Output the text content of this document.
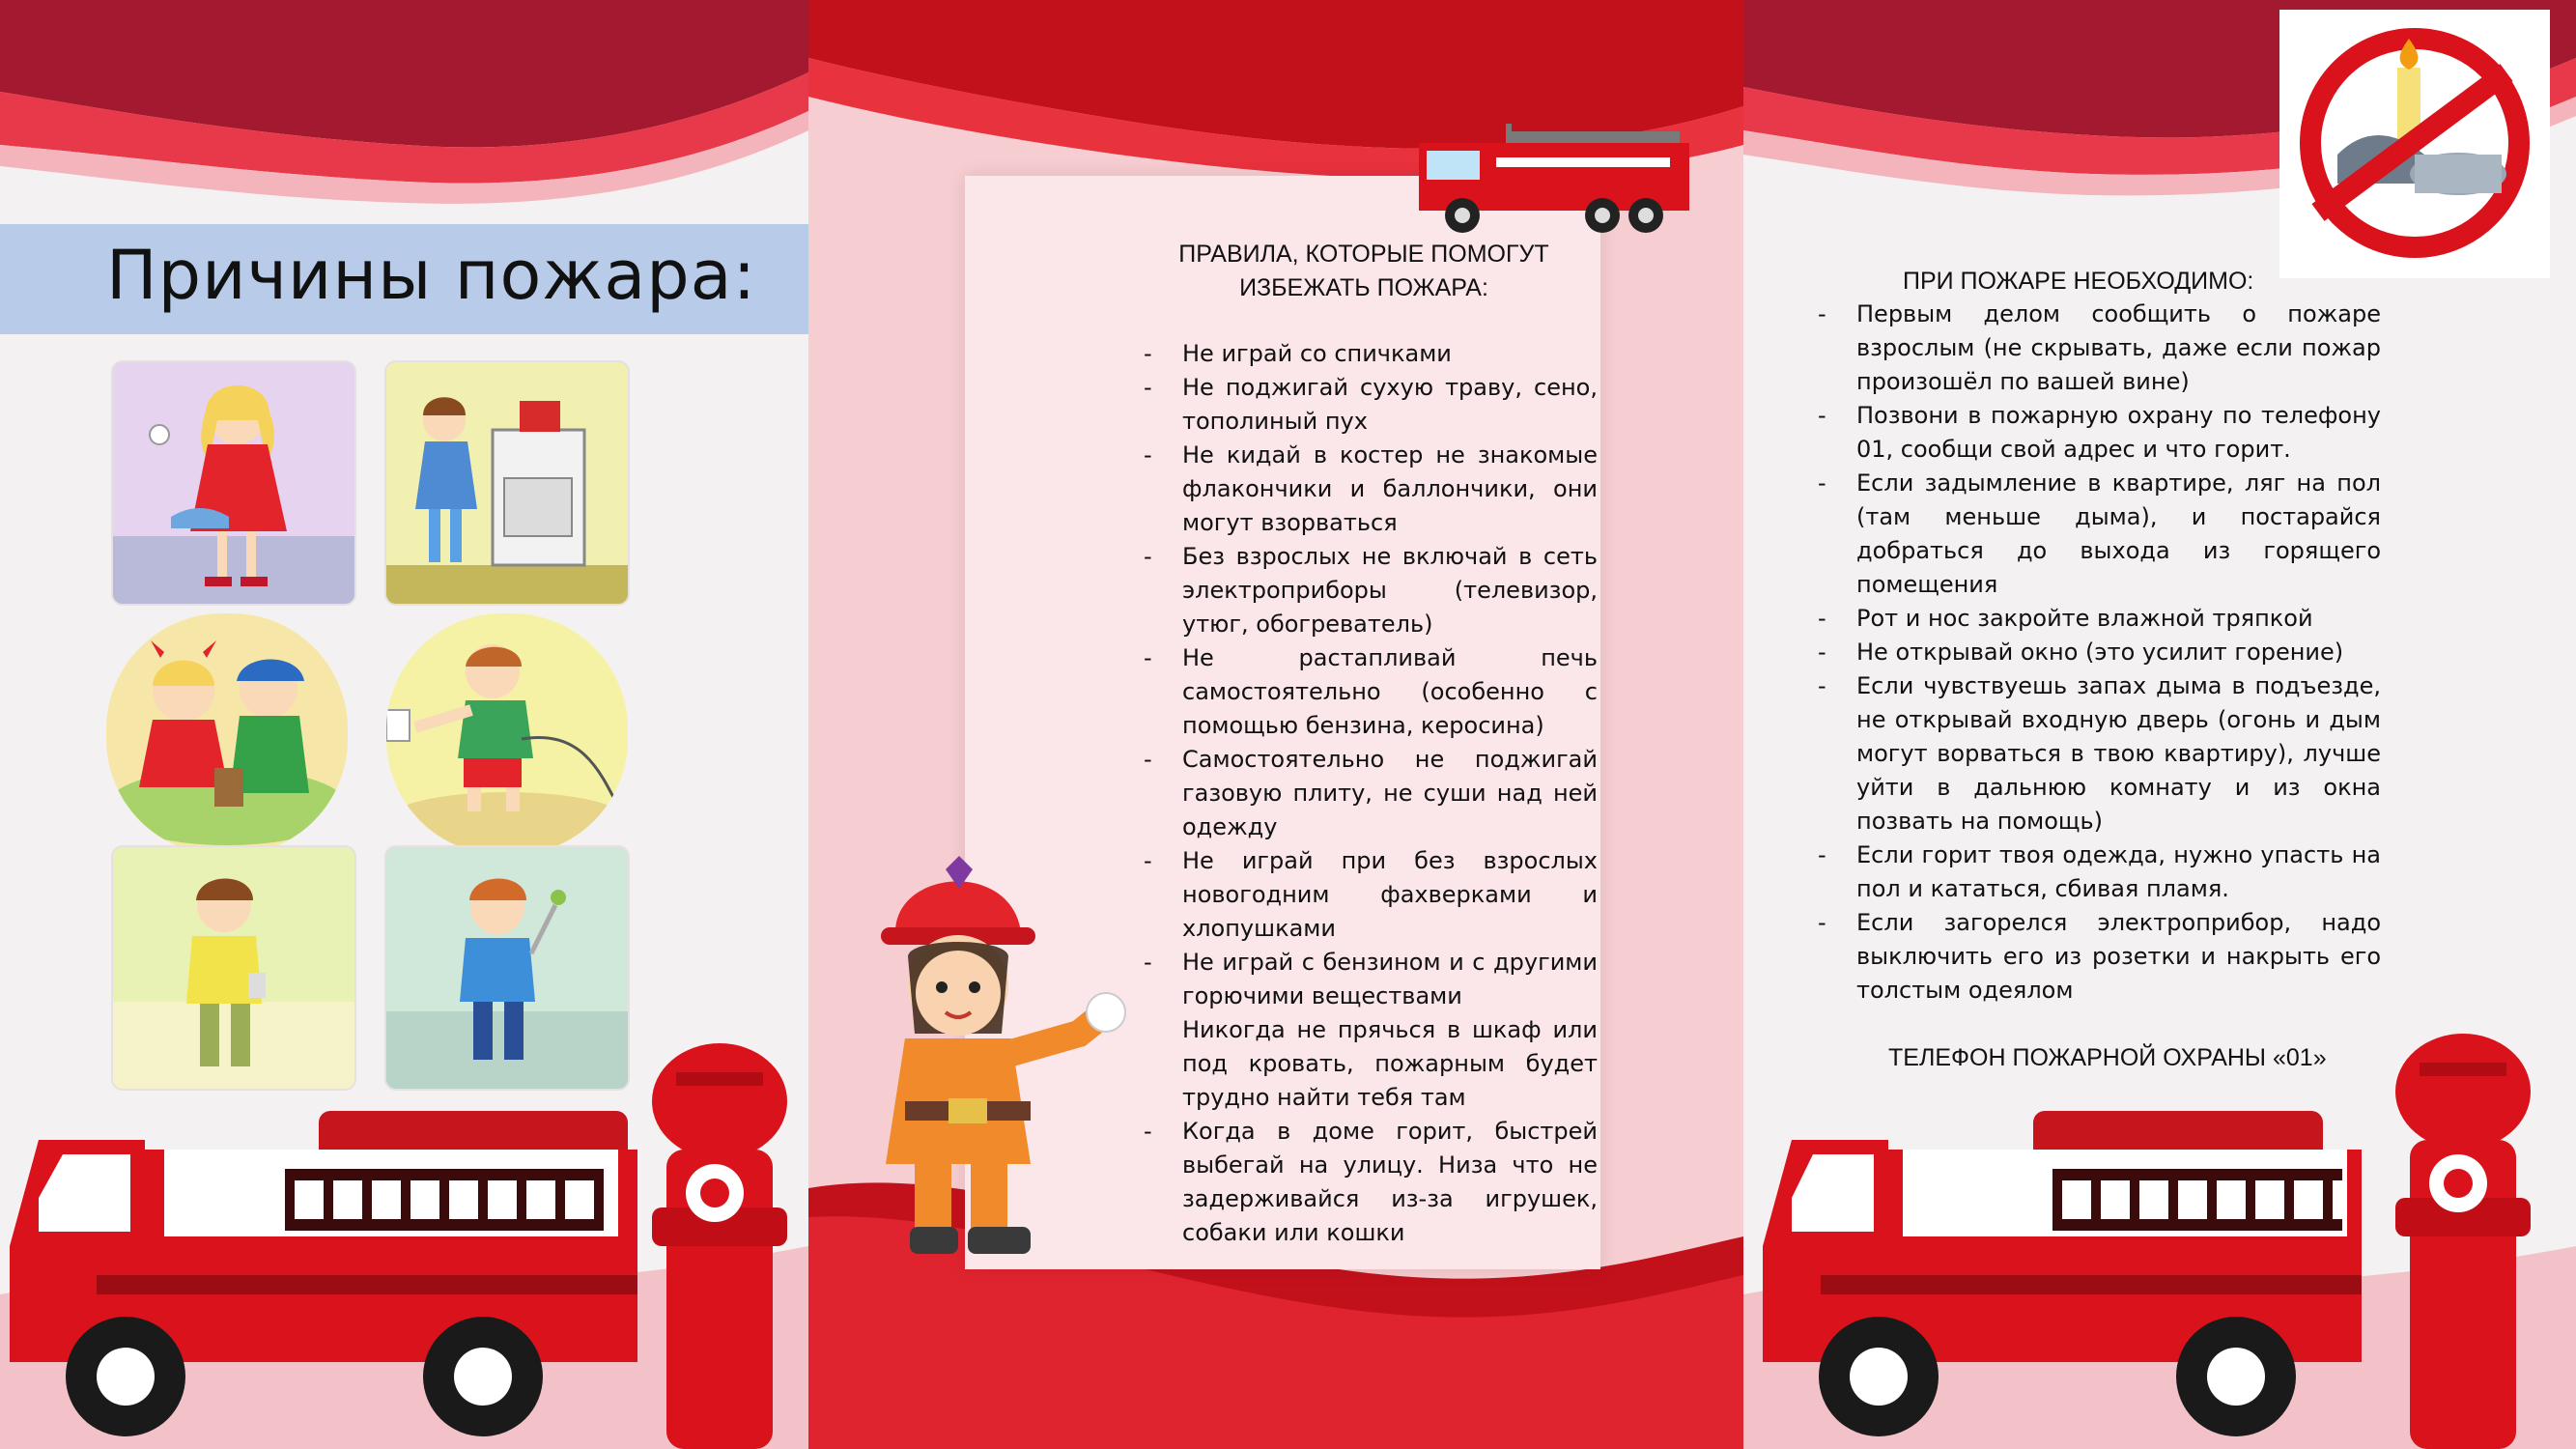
Причины пожара:	ПРАВИЛА, КОТОРЫЕ ПОМОГУТ
ИЗБЕЖАТЬ ПОЖАРА:
- Не играй со спичками
- Не поджигай сухую траву, сено, тополиный пух
- Не кидай в костер не знакомые флакончики и баллончики, они могут взорваться
- Без взрослых не включай в сеть электроприборы (телевизор, утюг, обогреватель)
- Не растапливай печь самостоятельно (особенно с помощью бензина, керосина)
- Самостоятельно не поджигай газовую плиту, не суши над ней одежду
- Не играй при без взрослых новогодним фахверками и хлопушками
- Не играй с бензином и с другими горючими веществами
Никогда не прячься в шкаф или под кровать, пожарным будет трудно найти тебя там
- Когда в доме горит, быстрей выбегай на улицу. Низа что не задерживайся из-за игрушек, собаки или кошки
ПРИ ПОЖАРЕ НЕОБХОДИМО:
- Первым делом сообщить о пожаре взрослым (не скрывать, даже если пожар произошёл по вашей вине)
- Позвони в пожарную охрану по телефону 01, сообщи свой адрес и что горит.
- Если задымление в квартире, ляг на пол (там меньше дыма), и постарайся добраться до выхода из горящего помещения
- Рот и нос закройте влажной тряпкой
- Не открывай окно (это усилит горение)
- Если чувствуешь запах дыма в подъезде, не открывай входную дверь (огонь и дым могут ворваться в твою квартиру), лучше уйти в дальнюю комнату и из окна позвать на помощь)
- Если горит твоя одежда, нужно упасть на пол и кататься, сбивая пламя.
- Если загорелся электроприбор, надо выключить его из розетки и накрыть его толстым одеялом
ТЕЛЕФОН ПОЖАРНОЙ ОХРАНЫ «01»
